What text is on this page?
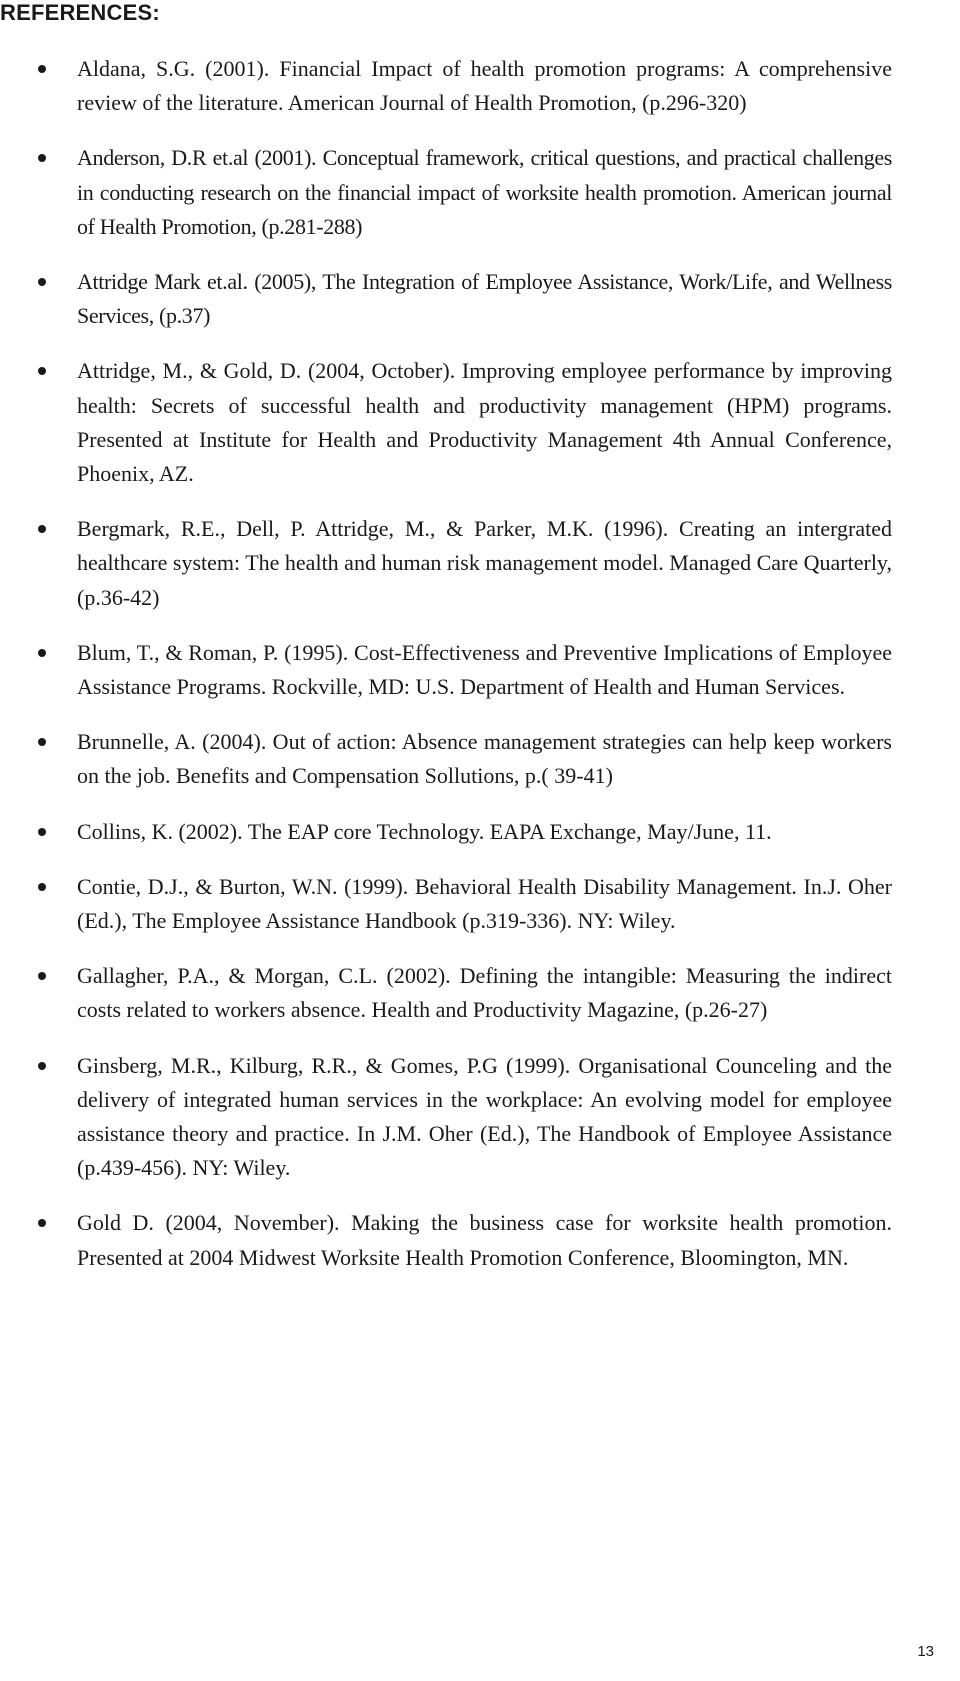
REFERENCES:
Aldana, S.G. (2001). Financial Impact of health promotion programs: A comprehensive review of the literature. American Journal of Health Promotion, (p.296-320)
Anderson, D.R et.al (2001). Conceptual framework, critical questions, and practical challenges in conducting research on the financial impact of worksite health promotion. American journal of Health Promotion, (p.281-288)
Attridge Mark et.al. (2005), The Integration of Employee Assistance, Work/Life, and Wellness Services, (p.37)
Attridge, M., & Gold, D. (2004, October). Improving employee performance by improving health: Secrets of successful health and productivity management (HPM) programs. Presented at Institute for Health and Productivity Management 4th Annual Conference, Phoenix, AZ.
Bergmark, R.E., Dell, P. Attridge, M., & Parker, M.K. (1996). Creating an intergrated healthcare system: The health and human risk management model. Managed Care Quarterly, (p.36-42)
Blum, T., & Roman, P. (1995). Cost-Effectiveness and Preventive Implications of Employee Assistance Programs. Rockville, MD: U.S. Department of Health and Human Services.
Brunnelle, A. (2004). Out of action: Absence management strategies can help keep workers on the job. Benefits and Compensation Sollutions, p.( 39-41)
Collins, K. (2002). The EAP core Technology. EAPA Exchange, May/June, 11.
Contie, D.J., & Burton, W.N. (1999). Behavioral Health Disability Management. In.J. Oher (Ed.), The Employee Assistance Handbook (p.319-336). NY: Wiley.
Gallagher, P.A., & Morgan, C.L. (2002). Defining the intangible: Measuring the indirect costs related to workers absence. Health and Productivity Magazine, (p.26-27)
Ginsberg, M.R., Kilburg, R.R., & Gomes, P.G (1999). Organisational Counceling and the delivery of integrated human services in the workplace: An evolving model for employee assistance theory and practice. In J.M. Oher (Ed.), The Handbook of Employee Assistance (p.439-456). NY: Wiley.
Gold D. (2004, November). Making the business case for worksite health promotion. Presented at 2004 Midwest Worksite Health Promotion Conference, Bloomington, MN.
13
